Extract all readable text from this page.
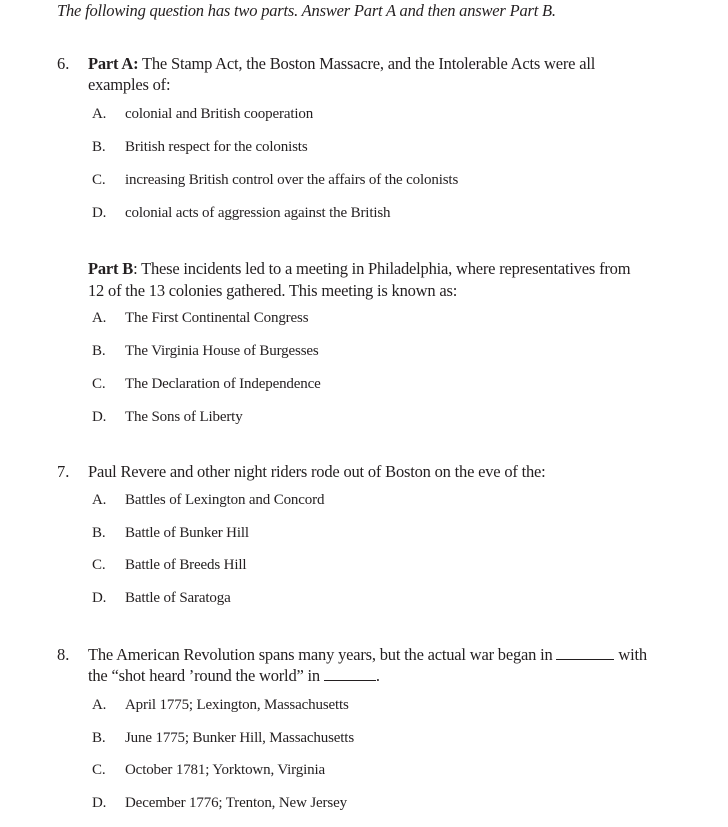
The following question has two parts. Answer Part A and then answer Part B.
6. Part A: The Stamp Act, the Boston Massacre, and the Intolerable Acts were all
examples of:
A. colonial and British cooperation
B. British respect for the colonists
C. increasing British control over the affairs of the colonists
D. colonial acts of aggression against the British
Part B: These incidents led to a meeting in Philadelphia, where representatives from
12 of the 13 colonies gathered. This meeting is known as:
A. The First Continental Congress
B. The Virginia House of Burgesses
C. The Declaration of Independence
D. The Sons of Liberty
7. Paul Revere and other night riders rode out of Boston on the eve of the:
A. Battles of Lexington and Concord
B. Battle of Bunker Hill
C. Battle of Breeds Hill
D. Battle of Saratoga
8. The American Revolution spans many years, but the actual war began in	with
the “shot heard ’round the world” in	.
A. April 1775; Lexington, Massachusetts
B. June 1775; Bunker Hill, Massachusetts
C. October 1781; Yorktown, Virginia
D. December 1776; Trenton, New Jersey
